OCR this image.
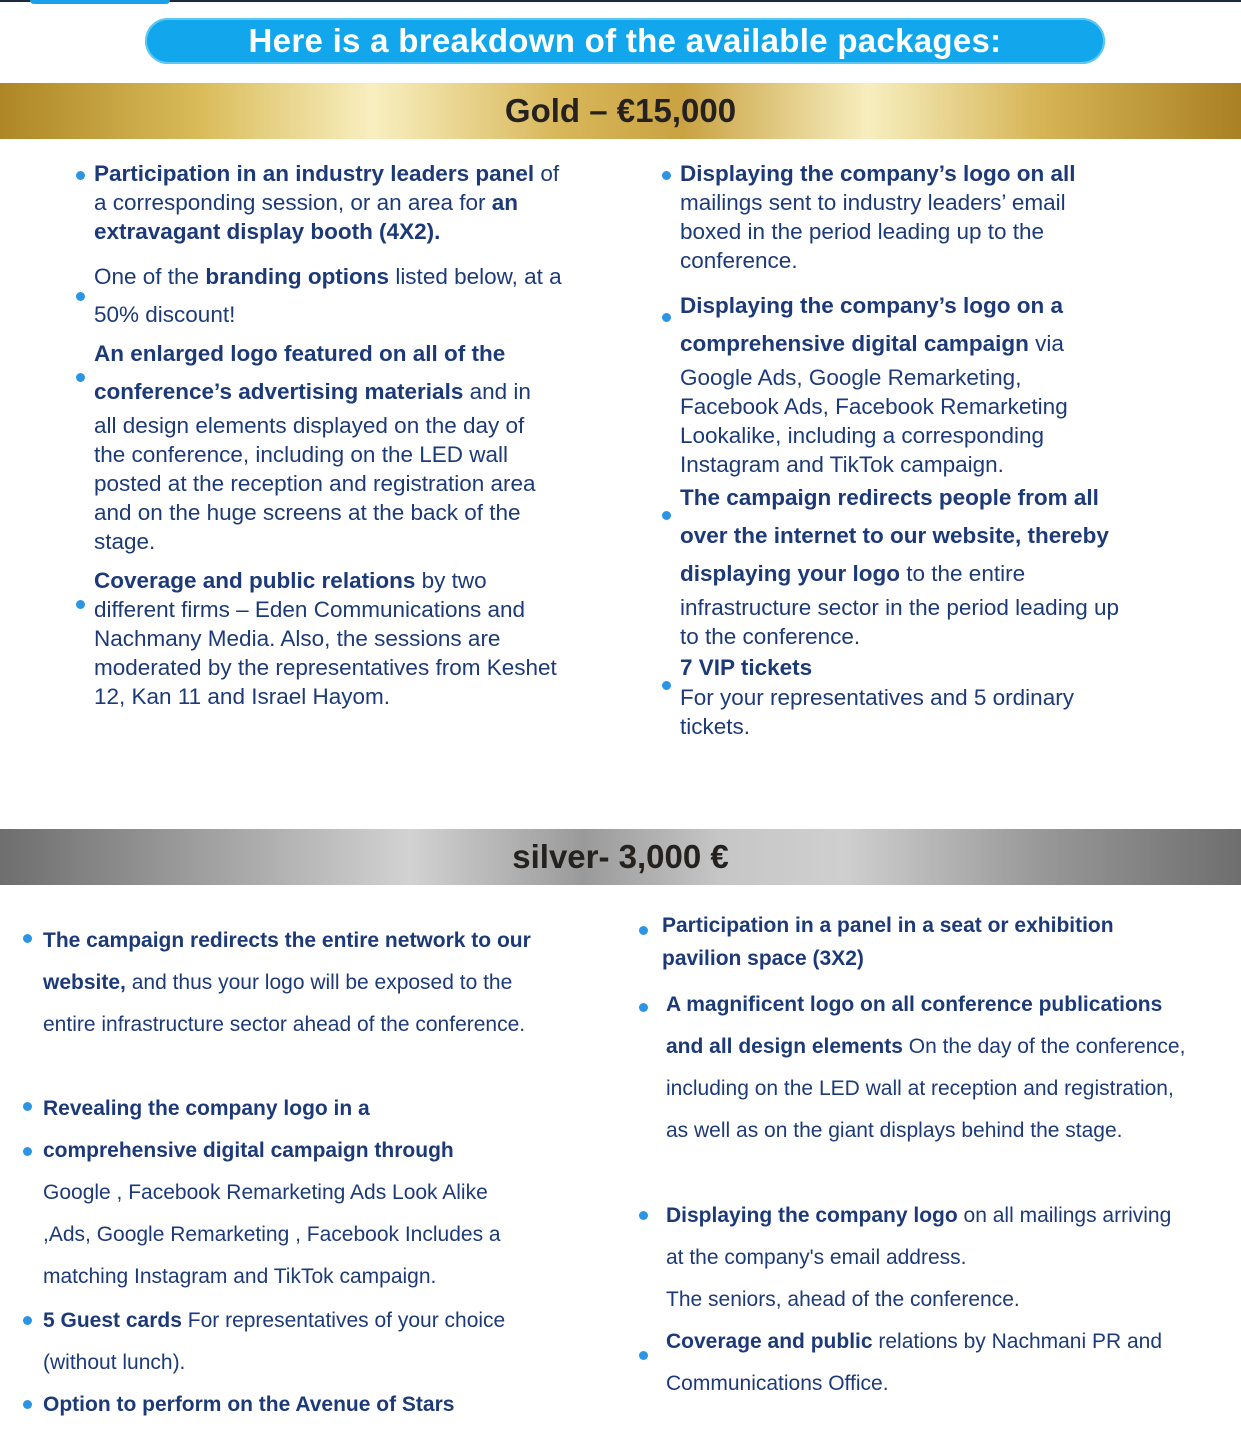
Here is a breakdown of the available packages:
Gold – €15,000
Participation in an industry leaders panel of a corresponding session, or an area for an extravagant display booth (4X2).
One of the branding options listed below, at a 50% discount!
An enlarged logo featured on all of the conference’s advertising materials and in all design elements displayed on the day of the conference, including on the LED wall posted at the reception and registration area and on the huge screens at the back of the stage.
Coverage and public relations by two different firms – Eden Communications and Nachmany Media. Also, the sessions are moderated by the representatives from Keshet 12, Kan 11 and Israel Hayom.
Displaying the company’s logo on all mailings sent to industry leaders’ email boxed in the period leading up to the conference.
Displaying the company’s logo on a comprehensive digital campaign via Google Ads, Google Remarketing, Facebook Ads, Facebook Remarketing Lookalike, including a corresponding Instagram and TikTok campaign.
The campaign redirects people from all over the internet to our website, thereby displaying your logo to the entire infrastructure sector in the period leading up to the conference.
7 VIP tickets
For your representatives and 5 ordinary tickets.
silver- 3,000 €
The campaign redirects the entire network to our website, and thus your logo will be exposed to the entire infrastructure sector ahead of the conference.
Revealing the company logo in a
comprehensive digital campaign through
Google , Facebook Remarketing Ads Look Alike ,Ads, Google Remarketing , Facebook Includes a matching Instagram and TikTok campaign.
5 Guest cards For representatives of your choice (without lunch).
Option to perform on the Avenue of Stars
Participation in a panel in a seat or exhibition pavilion space (3X2)
A magnificent logo on all conference publications and all design elements On the day of the conference, including on the LED wall at reception and registration, as well as on the giant displays behind the stage.
Displaying the company logo on all mailings arriving at the company's email address.
The seniors, ahead of the conference.
Coverage and public relations by Nachmani PR and Communications Office.
